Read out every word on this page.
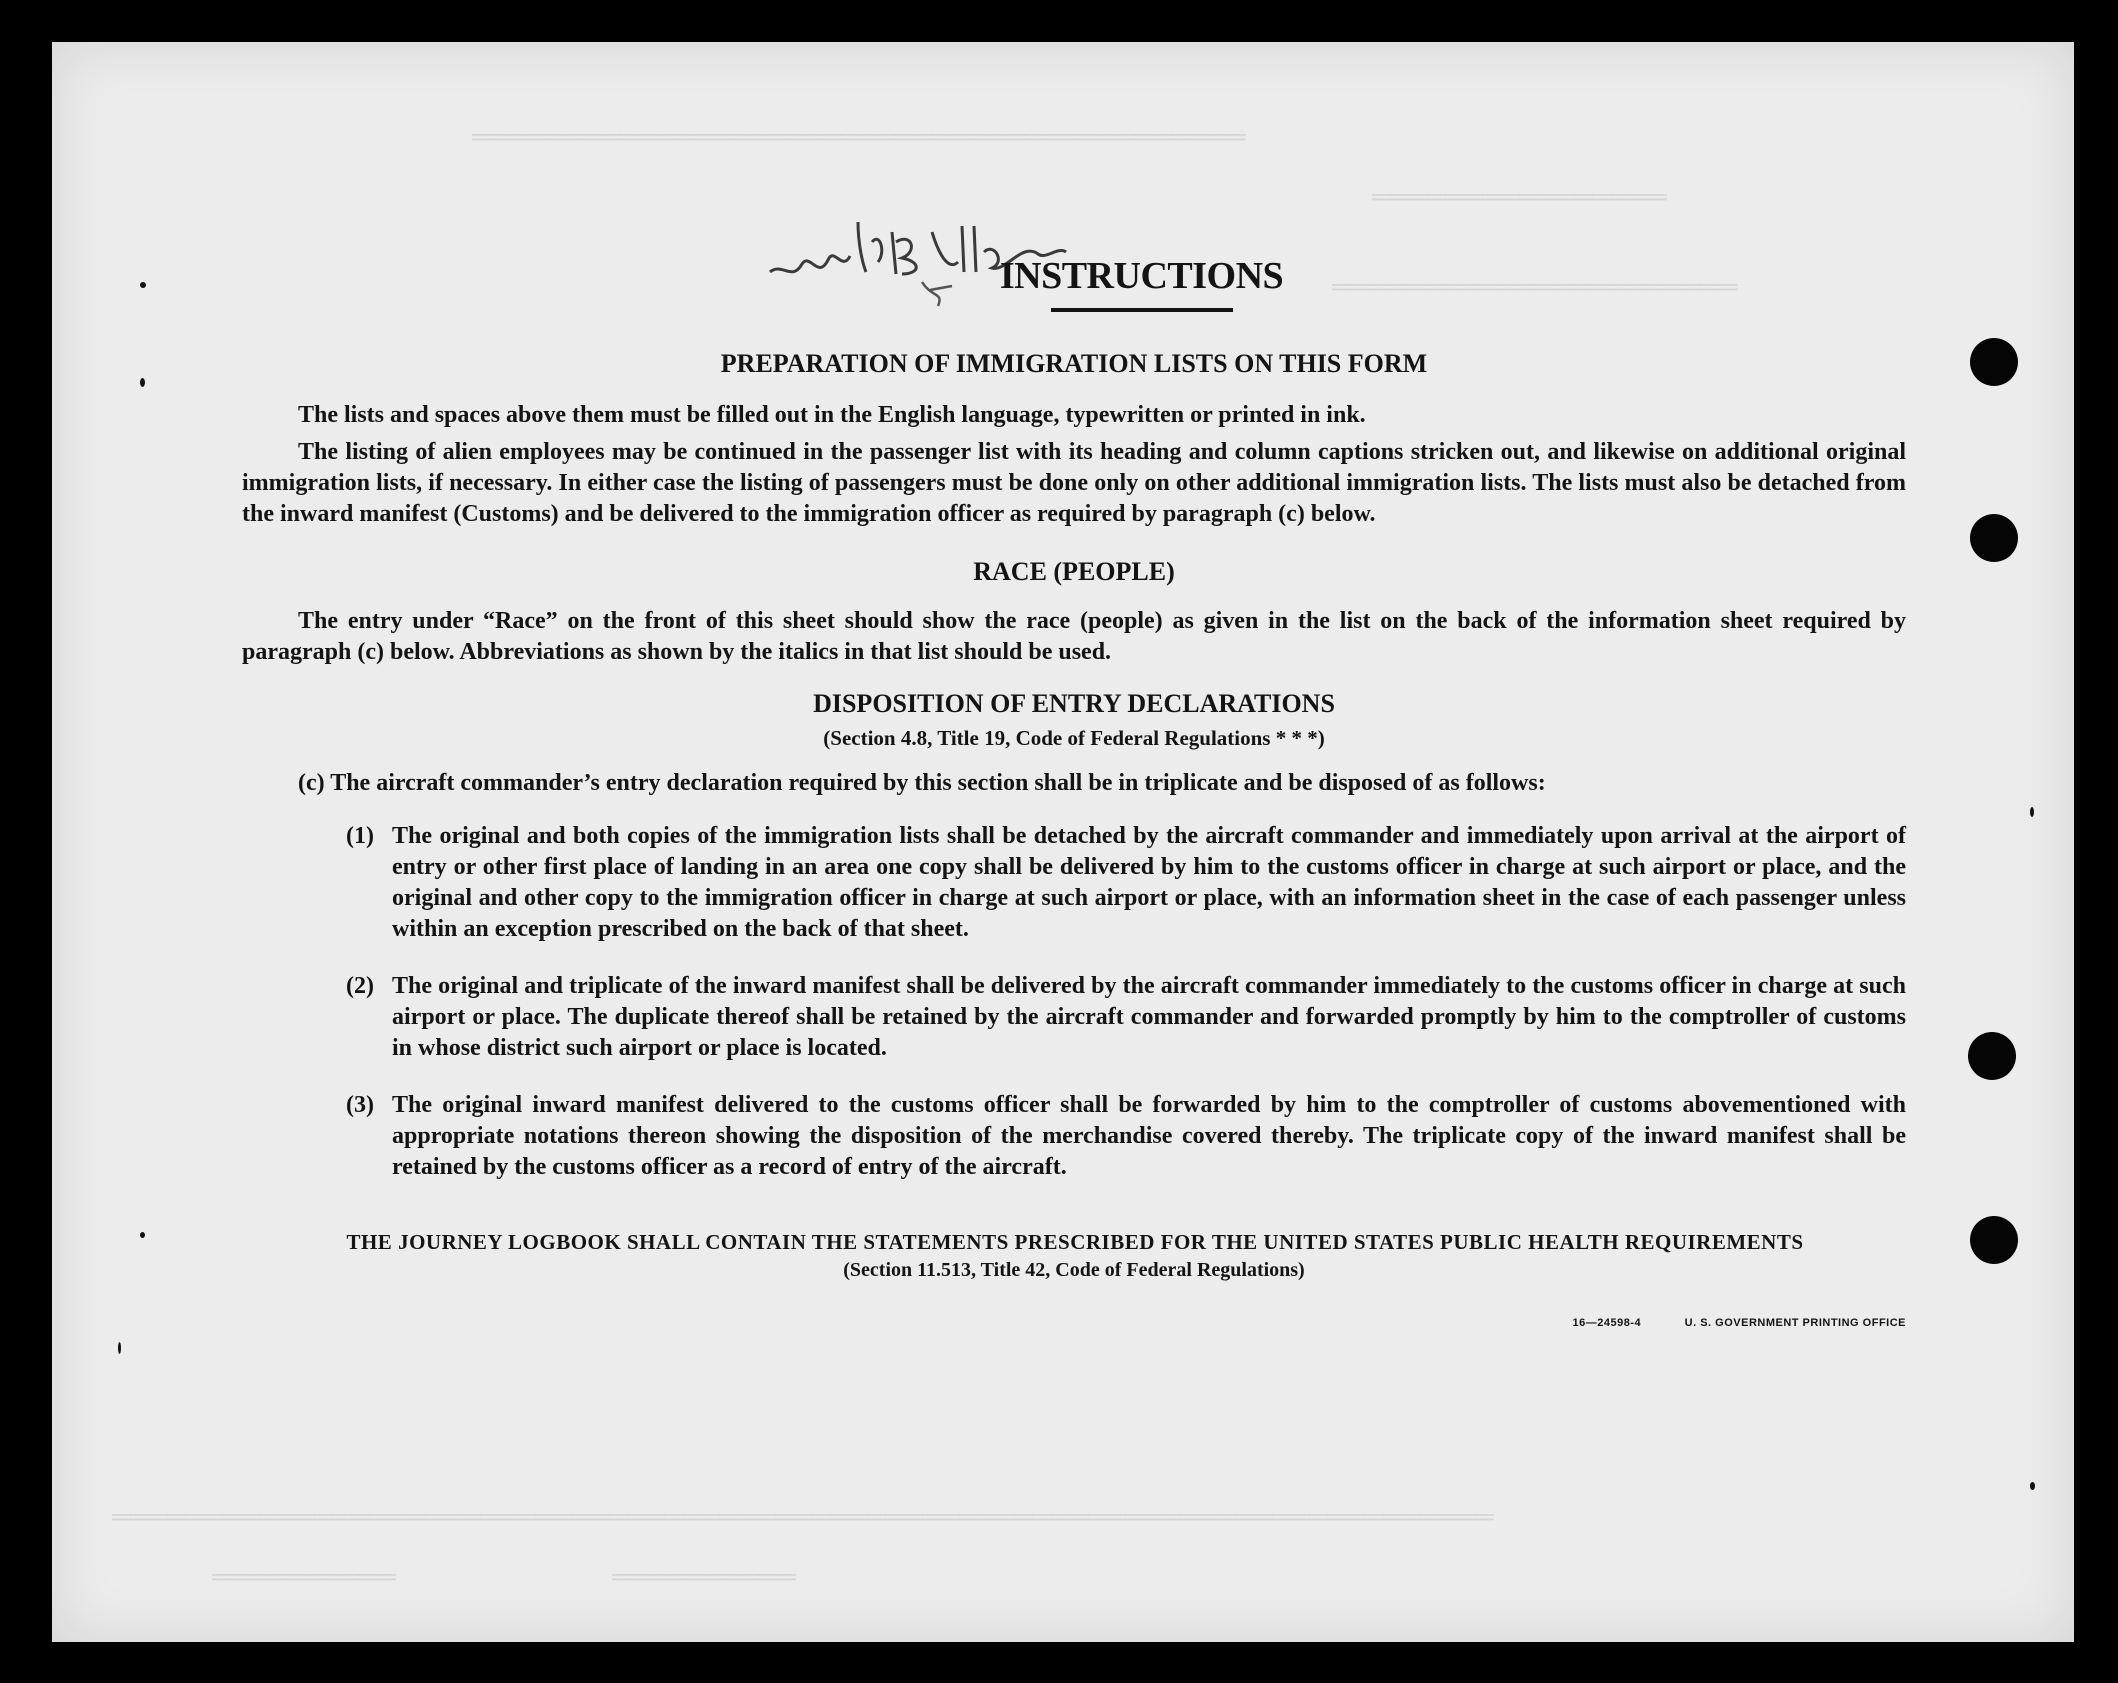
══════════════════════════════════════════
════════════════
══════════════════════
═══════════════════════════════════════════════════════════════════════════
══════════	══════════
INSTRUCTIONS
PREPARATION OF IMMIGRATION LISTS ON THIS FORM

The lists and spaces above them must be filled out in the English language, typewritten or printed in ink.

The listing of alien employees may be continued in the passenger list with its heading and column captions stricken out, and likewise on additional original immigration lists, if necessary. In either case the listing of passengers must be done only on other additional immigration lists. The lists must also be detached from the inward manifest (Customs) and be delivered to the immigration officer as required by paragraph (c) below.

RACE (PEOPLE)

The entry under “Race” on the front of this sheet should show the race (people) as given in the list on the back of the information sheet required by paragraph (c) below. Abbreviations as shown by the italics in that list should be used.

DISPOSITION OF ENTRY DECLARATIONS
(Section 4.8, Title 19, Code of Federal Regulations * * *)

(c) The aircraft commander’s entry declaration required by this section shall be in triplicate and be disposed of as follows:

(1) The original and both copies of the immigration lists shall be detached by the aircraft commander and immediately upon arrival at the airport of entry or other first place of landing in an area one copy shall be delivered by him to the customs officer in charge at such airport or place, and the original and other copy to the immigration officer in charge at such airport or place, with an information sheet in the case of each passenger unless within an exception prescribed on the back of that sheet.
(2) The original and triplicate of the inward manifest shall be delivered by the aircraft commander immediately to the customs officer in charge at such airport or place. The duplicate thereof shall be retained by the aircraft commander and forwarded promptly by him to the comptroller of customs in whose district such airport or place is located.
(3) The original inward manifest delivered to the customs officer shall be forwarded by him to the comptroller of customs abovementioned with appropriate notations thereon showing the disposition of the merchandise covered thereby. The triplicate copy of the inward manifest shall be retained by the customs officer as a record of entry of the aircraft.
THE JOURNEY LOGBOOK SHALL CONTAIN THE STATEMENTS PRESCRIBED FOR THE UNITED STATES PUBLIC HEALTH REQUIREMENTS
(Section 11.513, Title 42, Code of Federal Regulations)
16—24598-4	U. S. GOVERNMENT PRINTING OFFICE
